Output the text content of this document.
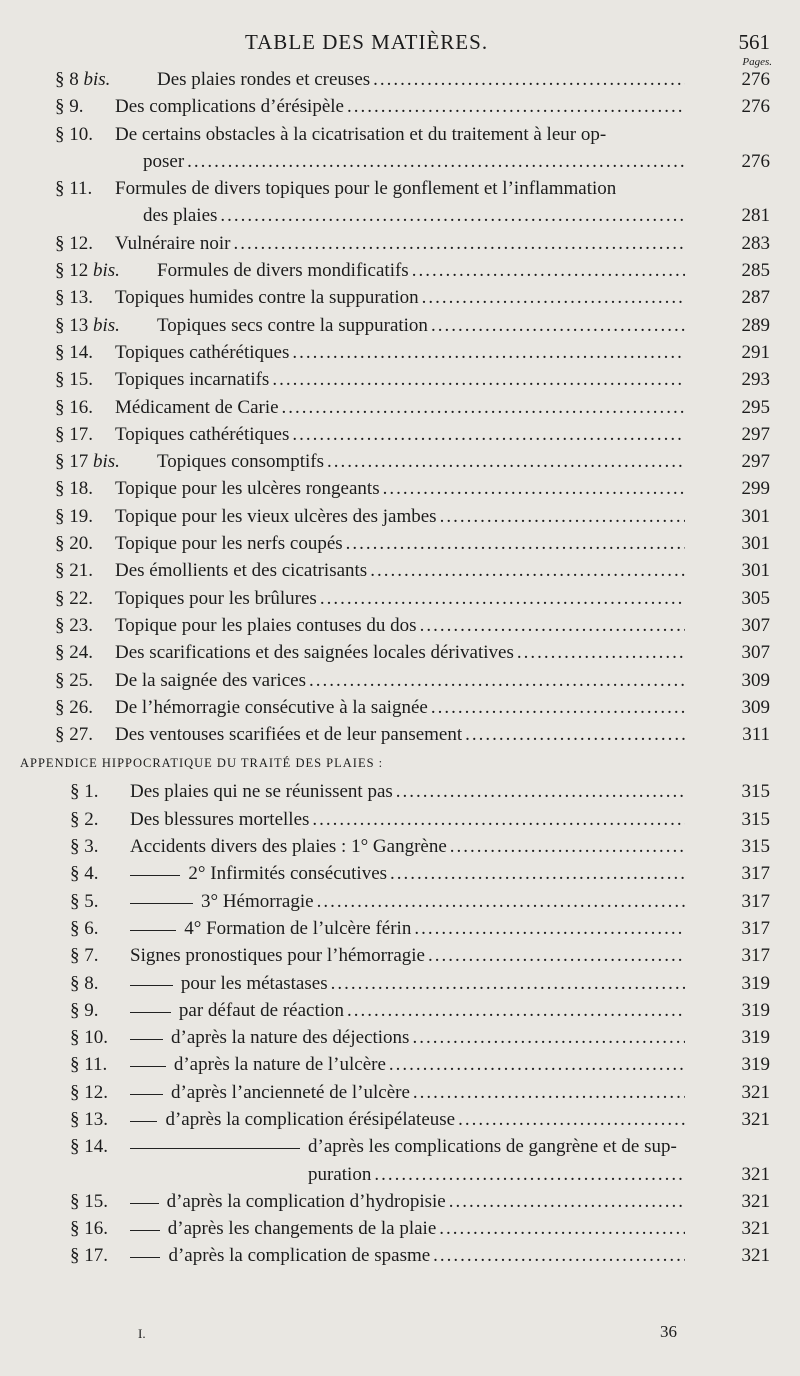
TABLE DES MATIÈRES.	561
Pages.
§ 8 bis. Des plaies rondes et creuses .....	276
§ 9. Des complications d’érésipèle .....	276
§ 10. De certains obstacles à la cicatrisation et du traitement à leur op-
poser .....	276
§ 11. Formules de divers topiques pour le gonflement et l’inflammation
des plaies .....	281
§ 12. Vulnéraire noir .....	283
§ 12 bis. Formules de divers mondificatifs .....	285
§ 13. Topiques humides contre la suppuration .....	287
§ 13 bis. Topiques secs contre la suppuration .....	289
§ 14. Topiques cathérétiques .....	291
§ 15. Topiques incarnatifs .....	293
§ 16. Médicament de Carie .....	295
§ 17. Topiques cathérétiques .....	297
§ 17 bis. Topiques consomptifs .....	297
§ 18. Topique pour les ulcères rongeants .....	299
§ 19. Topique pour les vieux ulcères des jambes .....	301
§ 20. Topique pour les nerfs coupés .....	301
§ 21. Des émollients et des cicatrisants .....	301
§ 22. Topiques pour les brûlures .....	305
§ 23. Topique pour les plaies contuses du dos .....	307
§ 24. Des scarifications et des saignées locales dérivatives .....	307
§ 25. De la saignée des varices .....	309
§ 26. De l’hémorragie consécutive à la saignée .....	309
§ 27. Des ventouses scarifiées et de leur pansement .....	311
APPENDICE HIPPOCRATIQUE DU TRAITÉ DES PLAIES :
§ 1. Des plaies qui ne se réunissent pas .....	315
§ 2. Des blessures mortelles .....	315
§ 3. Accidents divers des plaies : 1° Gangrène .....	315
§ 4.	2° Infirmités consécutives .....	317
§ 5.	3° Hémorragie .....	317
§ 6.	4° Formation de l’ulcère férin .....	317
§ 7. Signes pronostiques pour l’hémorragie .....	317
§ 8.	pour les métastases .....	319
§ 9.	par défaut de réaction .....	319
§ 10.	d’après la nature des déjections .....	319
§ 11.	d’après la nature de l’ulcère .....	319
§ 12.	d’après l’ancienneté de l’ulcère .....	321
§ 13.	d’après la complication érésipélateuse .....	321
§ 14.	d’après les complications de gangrène et de sup-
puration .....	321
§ 15.	d’après la complication d’hydropisie .....	321
§ 16.	d’après les changements de la plaie .....	321
§ 17.	d’après la complication de spasme .....	321
I.	36
